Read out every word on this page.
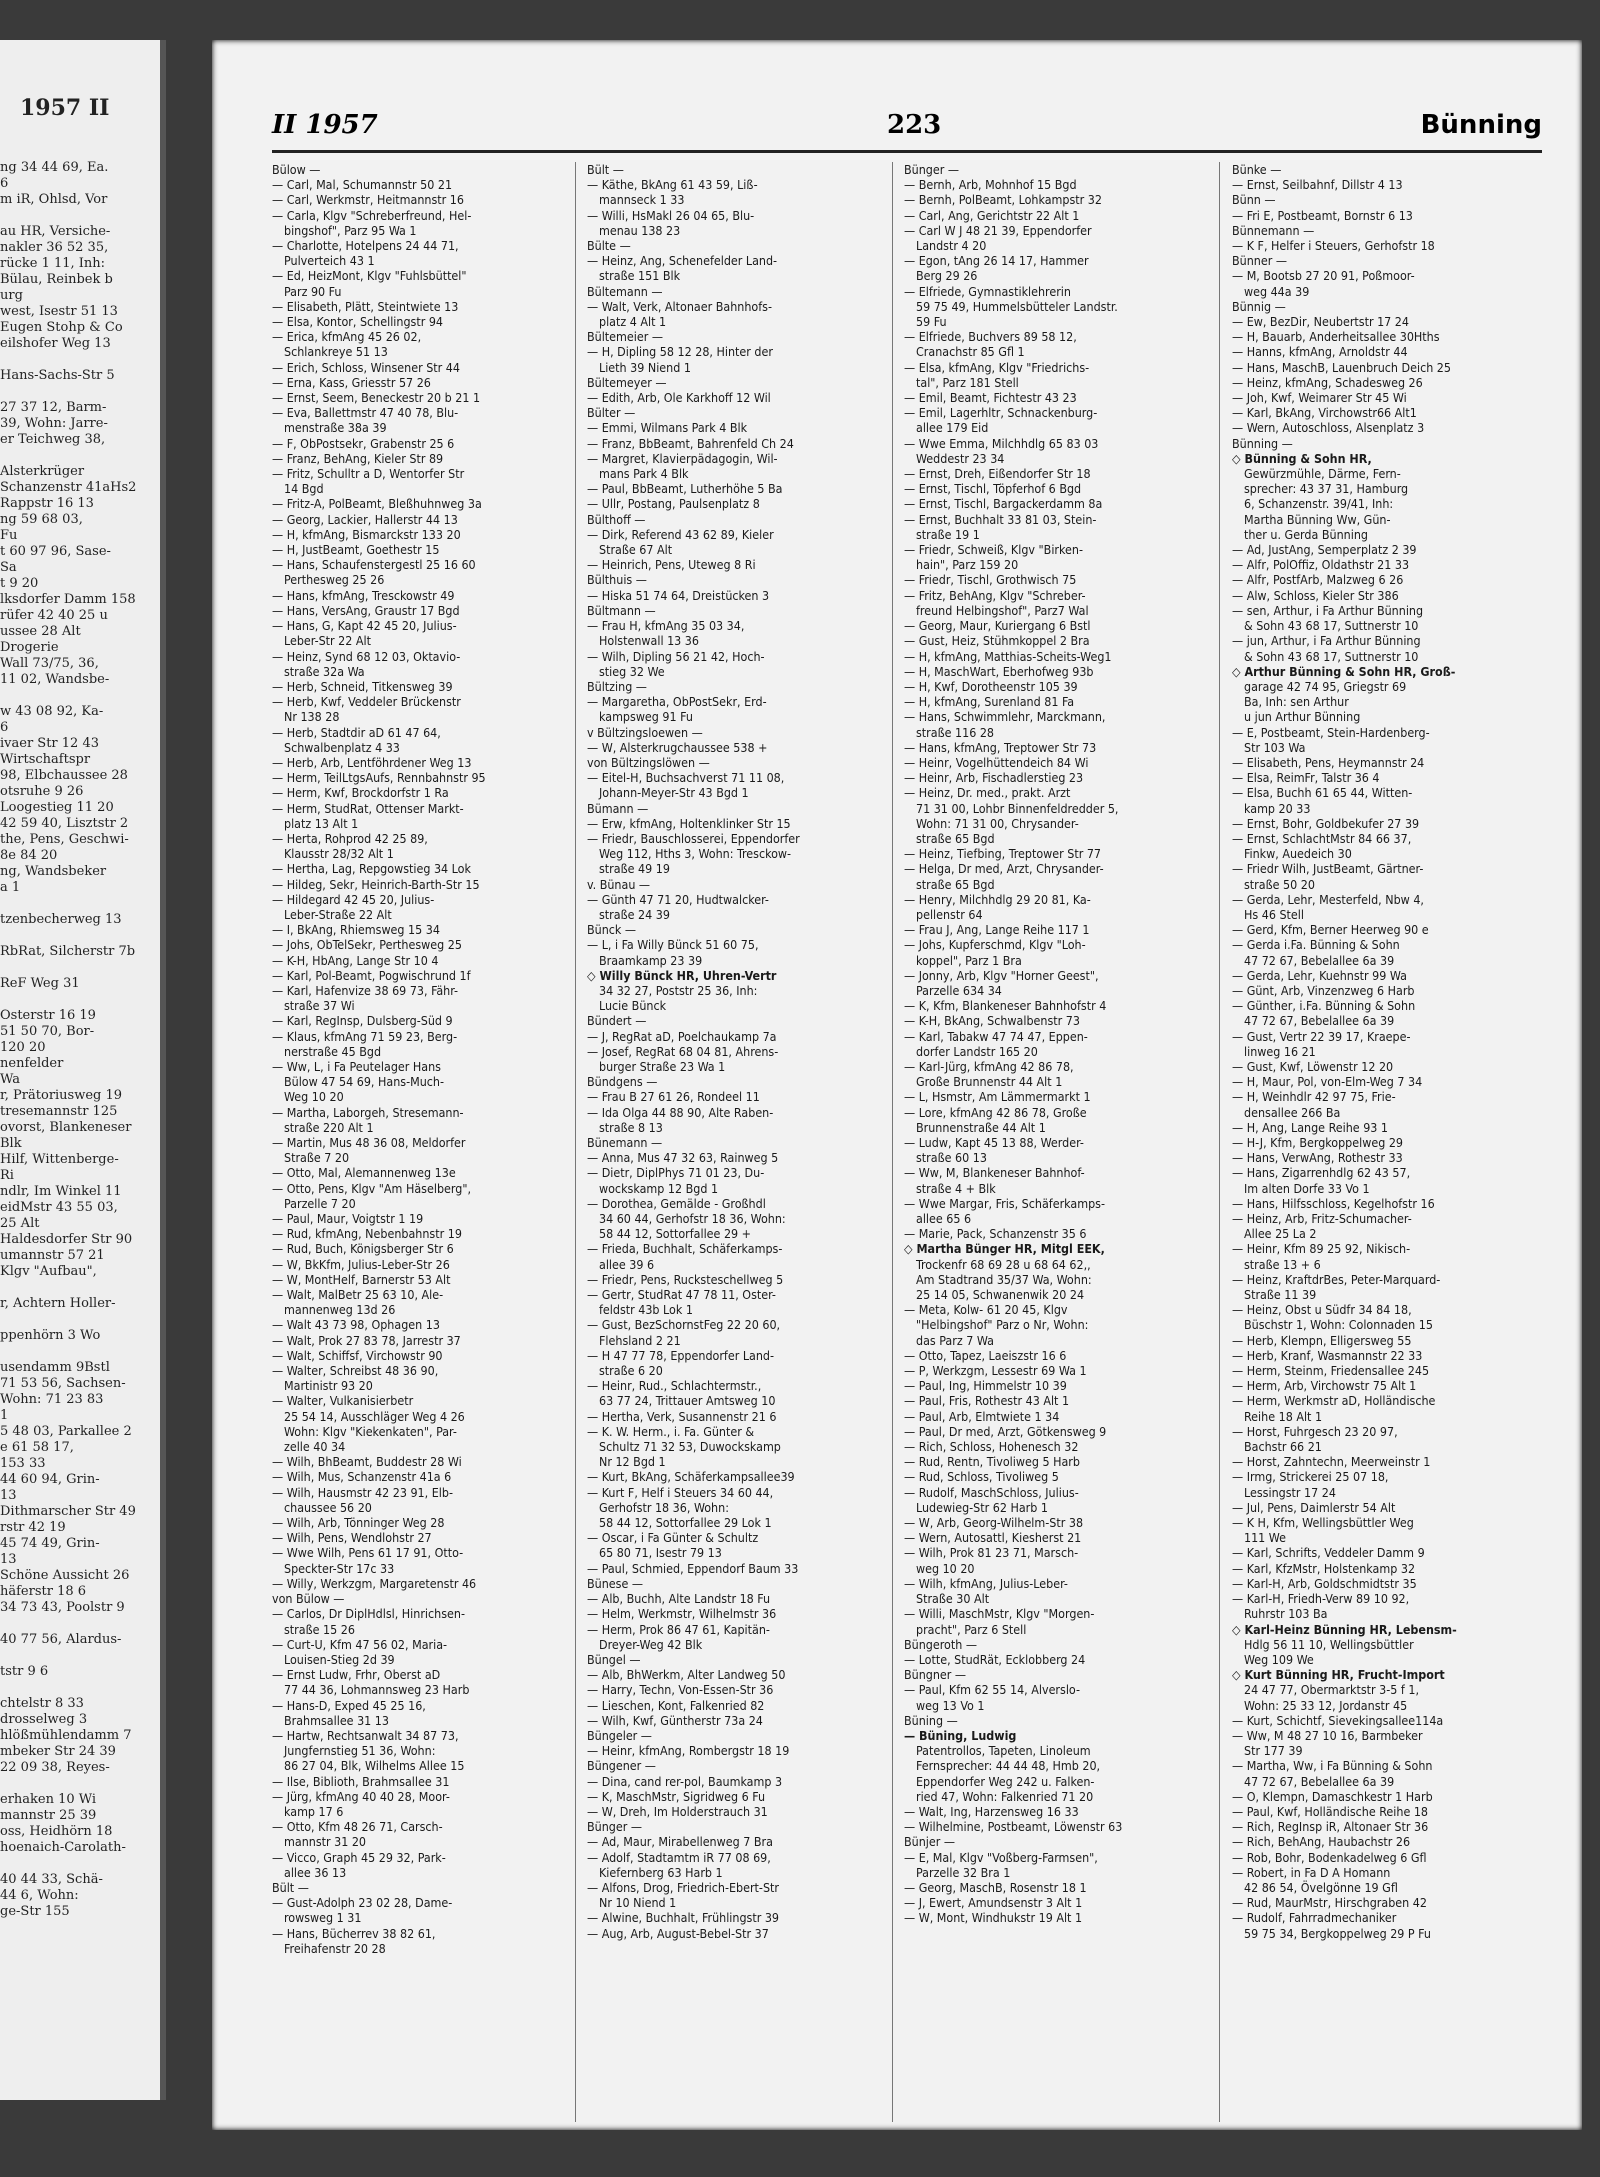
1957 II
ng 34 44 69, Ea.
6
m iR, Ohlsd, Vor

au HR, Versiche-
nakler 36 52 35,
rücke 1 11, Inh:
Bülau, Reinbek b
urg
west, Isestr 51 13
Eugen Stohp & Co
eilshofer Weg 13

Hans-Sachs-Str 5

27 37 12, Barm-
39, Wohn: Jarre-
er Teichweg 38,

Alsterkrüger
Schanzenstr 41aHs2
Rappstr 16 13
ng 59 68 03,
Fu
t 60 97 96, Sase-
Sa
t 9 20
lksdorfer Damm 158
rüfer 42 40 25 u
ussee 28 Alt
Drogerie
Wall 73/75, 36,
11 02, Wandsbe-

w 43 08 92, Ka-
6
ivaer Str 12 43
Wirtschaftspr
98, Elbchaussee 28
otsruhe 9 26
Loogestieg 11 20
42 59 40, Lisztstr 2
the, Pens, Geschwi-
8e 84 20
ng, Wandsbeker
a 1

tzenbecherweg 13

RbRat, Silcherstr 7b

ReF Weg 31

Osterstr 16 19
51 50 70, Bor-
120 20
nenfelder
Wa
r, Prätoriusweg 19
tresemannstr 125
ovorst, Blankeneser
Blk
Hilf, Wittenberge-
Ri
ndlr, Im Winkel 11
eidMstr 43 55 03,
25 Alt
Haldesdorfer Str 90
umannstr 57 21
Klgv "Aufbau",

r, Achtern Holler-

ppenhörn 3 Wo

usendamm 9Bstl
71 53 56, Sachsen-
Wohn: 71 23 83
1
5 48 03, Parkallee 2
e 61 58 17,
153 33
44 60 94, Grin-
13
Dithmarscher Str 49
rstr 42 19
45 74 49, Grin-
13
Schöne Aussicht 26
häferstr 18 6
34 73 43, Poolstr 9

40 77 56, Alardus-

tstr 9 6

chtelstr 8 33
drosselweg 3
hlößmühlendamm 7
mbeker Str 24 39
22 09 38, Reyes-

erhaken 10 Wi
mannstr 25 39
oss, Heidhörn 18
hoenaich-Carolath-

40 44 33, Schä-
44 6, Wohn:
ge-Str 155
II 1957	223	Bünning
Bülow —
— Carl, Mal, Schumannstr 50 21
— Carl, Werkmstr, Heitmannstr 16
— Carla, Klgv "Schreberfreund, Hel-
bingshof", Parz 95 Wa 1
— Charlotte, Hotelpens 24 44 71,
Pulverteich 43 1
— Ed, HeizMont, Klgv "Fuhlsbüttel"
Parz 90 Fu
— Elisabeth, Plätt, Steintwiete 13
— Elsa, Kontor, Schellingstr 94
— Erica, kfmAng 45 26 02,
Schlankreye 51 13
— Erich, Schloss, Winsener Str 44
— Erna, Kass, Griesstr 57 26
— Ernst, Seem, Beneckestr 20 b 21 1
— Eva, Ballettmstr 47 40 78, Blu-
menstraße 38a 39
— F, ObPostsekr, Grabenstr 25 6
— Franz, BehAng, Kieler Str 89
— Fritz, Schulltr a D, Wentorfer Str
14 Bgd
— Fritz-A, PolBeamt, Bleßhuhnweg 3a
— Georg, Lackier, Hallerstr 44 13
— H, kfmAng, Bismarckstr 133 20
— H, JustBeamt, Goethestr 15
— Hans, Schaufenstergestl 25 16 60
Perthesweg 25 26
— Hans, kfmAng, Tresckowstr 49
— Hans, VersAng, Graustr 17 Bgd
— Hans, G, Kapt 42 45 20, Julius-
Leber-Str 22 Alt
— Heinz, Synd 68 12 03, Oktavio-
straße 32a Wa
— Herb, Schneid, Titkensweg 39
— Herb, Kwf, Veddeler Brückenstr
Nr 138 28
— Herb, Stadtdir aD 61 47 64,
Schwalbenplatz 4 33
— Herb, Arb, Lentföhrdener Weg 13
— Herm, TeilLtgsAufs, Rennbahnstr 95
— Herm, Kwf, Brockdorfstr 1 Ra
— Herm, StudRat, Ottenser Markt-
platz 13 Alt 1
— Herta, Rohprod 42 25 89,
Klausstr 28/32 Alt 1
— Hertha, Lag, Repgowstieg 34 Lok
— Hildeg, Sekr, Heinrich-Barth-Str 15
— Hildegard 42 45 20, Julius-
Leber-Straße 22 Alt
— I, BkAng, Rhiemsweg 15 34
— Johs, ObTelSekr, Perthesweg 25
— K-H, HbAng, Lange Str 10 4
— Karl, Pol-Beamt, Pogwischrund 1f
— Karl, Hafenvize 38 69 73, Fähr-
straße 37 Wi
— Karl, RegInsp, Dulsberg-Süd 9
— Klaus, kfmAng 71 59 23, Berg-
nerstraße 45 Bgd
— Ww, L, i Fa Peutelager Hans
Bülow 47 54 69, Hans-Much-
Weg 10 20
— Martha, Laborgeh, Stresemann-
straße 220 Alt 1
— Martin, Mus 48 36 08, Meldorfer
Straße 7 20
— Otto, Mal, Alemannenweg 13e
— Otto, Pens, Klgv "Am Häselberg",
Parzelle 7 20
— Paul, Maur, Voigtstr 1 19
— Rud, kfmAng, Nebenbahnstr 19
— Rud, Buch, Königsberger Str 6
— W, BkKfm, Julius-Leber-Str 26
— W, MontHelf, Barnerstr 53 Alt
— Walt, MalBetr 25 63 10, Ale-
mannenweg 13d 26
— Walt 43 73 98, Ophagen 13
— Walt, Prok 27 83 78, Jarrestr 37
— Walt, Schiffsf, Virchowstr 90
— Walter, Schreibst 48 36 90,
Martinistr 93 20
— Walter, Vulkanisierbetr
25 54 14, Ausschläger Weg 4 26
Wohn: Klgv "Kiekenkaten", Par-
zelle 40 34
— Wilh, BhBeamt, Buddestr 28 Wi
— Wilh, Mus, Schanzenstr 41a 6
— Wilh, Hausmstr 42 23 91, Elb-
chaussee 56 20
— Wilh, Arb, Tönninger Weg 28
— Wilh, Pens, Wendlohstr 27
— Wwe Wilh, Pens 61 17 91, Otto-
Speckter-Str 17c 33
— Willy, Werkzgm, Margaretenstr 46
von Bülow —
— Carlos, Dr DiplHdlsl, Hinrichsen-
straße 15 26
— Curt-U, Kfm 47 56 02, Maria-
Louisen-Stieg 2d 39
— Ernst Ludw, Frhr, Oberst aD
77 44 36, Lohmannsweg 23 Harb
— Hans-D, Exped 45 25 16,
Brahmsallee 31 13
— Hartw, Rechtsanwalt 34 87 73,
Jungfernstieg 51 36, Wohn:
86 27 04, Blk, Wilhelms Allee 15
— Ilse, Biblioth, Brahmsallee 31
— Jürg, kfmAng 40 40 28, Moor-
kamp 17 6
— Otto, Kfm 48 26 71, Carsch-
mannstr 31 20
— Vicco, Graph 45 29 32, Park-
allee 36 13
Bült —
— Gust-Adolph 23 02 28, Dame-
rowsweg 1 31
— Hans, Bücherrev 38 82 61,
Freihafenstr 20 28
Bült —
— Käthe, BkAng 61 43 59, Liß-
mannseck 1 33
— Willi, HsMakl 26 04 65, Blu-
menau 138 23
Bülte —
— Heinz, Ang, Schenefelder Land-
straße 151 Blk
Bültemann —
— Walt, Verk, Altonaer Bahnhofs-
platz 4 Alt 1
Bültemeier —
— H, Dipling 58 12 28, Hinter der
Lieth 39 Niend 1
Bültemeyer —
— Edith, Arb, Ole Karkhoff 12 Wil
Bülter —
— Emmi, Wilmans Park 4 Blk
— Franz, BbBeamt, Bahrenfeld Ch 24
— Margret, Klavierpädagogin, Wil-
mans Park 4 Blk
— Paul, BbBeamt, Lutherhöhe 5 Ba
— Ullr, Postang, Paulsenplatz 8
Bülthoff —
— Dirk, Referend 43 62 89, Kieler
Straße 67 Alt
— Heinrich, Pens, Uteweg 8 Ri
Bülthuis —
— Hiska 51 74 64, Dreistücken 3
Bültmann —
— Frau H, kfmAng 35 03 34,
Holstenwall 13 36
— Wilh, Dipling 56 21 42, Hoch-
stieg 32 We
Bültzing —
— Margaretha, ObPostSekr, Erd-
kampsweg 91 Fu
v Bültzingsloewen —
— W, Alsterkrugchaussee 538 +
von Bültzingslöwen —
— Eitel-H, Buchsachverst 71 11 08,
Johann-Meyer-Str 43 Bgd 1
Bümann —
— Erw, kfmAng, Holtenklinker Str 15
— Friedr, Bauschlosserei, Eppendorfer
Weg 112, Hths 3, Wohn: Tresckow-
straße 49 19
v. Bünau —
— Günth 47 71 20, Hudtwalcker-
straße 24 39
Bünck —
— L, i Fa Willy Bünck 51 60 75,
Braamkamp 23 39
◇ Willy Bünck HR, Uhren-Vertr
34 32 27, Poststr 25 36, Inh:
Lucie Bünck
Bündert —
— J, RegRat aD, Poelchaukamp 7a
— Josef, RegRat 68 04 81, Ahrens-
burger Straße 23 Wa 1
Bündgens —
— Frau B 27 61 26, Rondeel 11
— Ida Olga 44 88 90, Alte Raben-
straße 8 13
Bünemann —
— Anna, Mus 47 32 63, Rainweg 5
— Dietr, DiplPhys 71 01 23, Du-
wockskamp 12 Bgd 1
— Dorothea, Gemälde - Großhdl
34 60 44, Gerhofstr 18 36, Wohn:
58 44 12, Sottorfallee 29 +
— Frieda, Buchhalt, Schäferkamps-
allee 39 6
— Friedr, Pens, Rucksteschellweg 5
— Gertr, StudRat 47 78 11, Oster-
feldstr 43b Lok 1
— Gust, BezSchornstFeg 22 20 60,
Flehsland 2 21
— H 47 77 78, Eppendorfer Land-
straße 6 20
— Heinr, Rud., Schlachtermstr.,
63 77 24, Trittauer Amtsweg 10
— Hertha, Verk, Susannenstr 21 6
— K. W. Herm., i. Fa. Günter &
Schultz 71 32 53, Duwockskamp
Nr 12 Bgd 1
— Kurt, BkAng, Schäferkampsallee39
— Kurt F, Helf i Steuers 34 60 44,
Gerhofstr 18 36, Wohn:
58 44 12, Sottorfallee 29 Lok 1
— Oscar, i Fa Günter & Schultz
65 80 71, Isestr 79 13
— Paul, Schmied, Eppendorf Baum 33
Bünese —
— Alb, Buchh, Alte Landstr 18 Fu
— Helm, Werkmstr, Wilhelmstr 36
— Herm, Prok 86 47 61, Kapitän-
Dreyer-Weg 42 Blk
Büngel —
— Alb, BhWerkm, Alter Landweg 50
— Harry, Techn, Von-Essen-Str 36
— Lieschen, Kont, Falkenried 82
— Wilh, Kwf, Güntherstr 73a 24
Büngeler —
— Heinr, kfmAng, Rombergstr 18 19
Büngener —
— Dina, cand rer-pol, Baumkamp 3
— K, MaschMstr, Sigridweg 6 Fu
— W, Dreh, Im Holderstrauch 31
Bünger —
— Ad, Maur, Mirabellenweg 7 Bra
— Adolf, Stadtamtm iR 77 08 69,
Kiefernberg 63 Harb 1
— Alfons, Drog, Friedrich-Ebert-Str
Nr 10 Niend 1
— Alwine, Buchhalt, Frühlingstr 39
— Aug, Arb, August-Bebel-Str 37
Bünger —
— Bernh, Arb, Mohnhof 15 Bgd
— Bernh, PolBeamt, Lohkampstr 32
— Carl, Ang, Gerichtstr 22 Alt 1
— Carl W J 48 21 39, Eppendorfer
Landstr 4 20
— Egon, tAng 26 14 17, Hammer
Berg 29 26
— Elfriede, Gymnastiklehrerin
59 75 49, Hummelsbütteler Landstr.
59 Fu
— Elfriede, Buchvers 89 58 12,
Cranachstr 85 Gfl 1
— Elsa, kfmAng, Klgv "Friedrichs-
tal", Parz 181 Stell
— Emil, Beamt, Fichtestr 43 23
— Emil, Lagerhltr, Schnackenburg-
allee 179 Eid
— Wwe Emma, Milchhdlg 65 83 03
Weddestr 23 34
— Ernst, Dreh, Eißendorfer Str 18
— Ernst, Tischl, Töpferhof 6 Bgd
— Ernst, Tischl, Bargackerdamm 8a
— Ernst, Buchhalt 33 81 03, Stein-
straße 19 1
— Friedr, Schweiß, Klgv "Birken-
hain", Parz 159 20
— Friedr, Tischl, Grothwisch 75
— Fritz, BehAng, Klgv "Schreber-
freund Helbingshof", Parz7 Wal
— Georg, Maur, Kuriergang 6 Bstl
— Gust, Heiz, Stühmkoppel 2 Bra
— H, kfmAng, Matthias-Scheits-Weg1
— H, MaschWart, Eberhofweg 93b
— H, Kwf, Dorotheenstr 105 39
— H, kfmAng, Surenland 81 Fa
— Hans, Schwimmlehr, Marckmann,
straße 116 28
— Hans, kfmAng, Treptower Str 73
— Heinr, Vogelhüttendeich 84 Wi
— Heinr, Arb, Fischadlerstieg 23
— Heinz, Dr. med., prakt. Arzt
71 31 00, Lohbr Binnenfeldredder 5,
Wohn: 71 31 00, Chrysander-
straße 65 Bgd
— Heinz, Tiefbing, Treptower Str 77
— Helga, Dr med, Arzt, Chrysander-
straße 65 Bgd
— Henry, Milchhdlg 29 20 81, Ka-
pellenstr 64
— Frau J, Ang, Lange Reihe 117 1
— Johs, Kupferschmd, Klgv "Loh-
koppel", Parz 1 Bra
— Jonny, Arb, Klgv "Horner Geest",
Parzelle 634 34
— K, Kfm, Blankeneser Bahnhofstr 4
— K-H, BkAng, Schwalbenstr 73
— Karl, Tabakw 47 74 47, Eppen-
dorfer Landstr 165 20
— Karl-Jürg, kfmAng 42 86 78,
Große Brunnenstr 44 Alt 1
— L, Hsmstr, Am Lämmermarkt 1
— Lore, kfmAng 42 86 78, Große
Brunnenstraße 44 Alt 1
— Ludw, Kapt 45 13 88, Werder-
straße 60 13
— Ww, M, Blankeneser Bahnhof-
straße 4 + Blk
— Wwe Margar, Fris, Schäferkamps-
allee 65 6
— Marie, Pack, Schanzenstr 35 6
◇ Martha Bünger HR, Mitgl EEK,
Trockenfr 68 69 28 u 68 64 62,,
Am Stadtrand 35/37 Wa, Wohn:
25 14 05, Schwanenwik 20 24
— Meta, Kolw- 61 20 45, Klgv
"Helbingshof" Parz o Nr, Wohn:
das Parz 7 Wa
— Otto, Tapez, Laeiszstr 16 6
— P, Werkzgm, Lessestr 69 Wa 1
— Paul, Ing, Himmelstr 10 39
— Paul, Fris, Rothestr 43 Alt 1
— Paul, Arb, Elmtwiete 1 34
— Paul, Dr med, Arzt, Götkensweg 9
— Rich, Schloss, Hohenesch 32
— Rud, Rentn, Tivoliweg 5 Harb
— Rud, Schloss, Tivoliweg 5
— Rudolf, MaschSchloss, Julius-
Ludewieg-Str 62 Harb 1
— W, Arb, Georg-Wilhelm-Str 38
— Wern, Autosattl, Kiesherst 21
— Wilh, Prok 81 23 71, Marsch-
weg 10 20
— Wilh, kfmAng, Julius-Leber-
Straße 30 Alt
— Willi, MaschMstr, Klgv "Morgen-
pracht", Parz 6 Stell
Büngeroth —
— Lotte, StudRät, Ecklobberg 24
Büngner —
— Paul, Kfm 62 55 14, Alverslo-
weg 13 Vo 1
Büning —
— Büning, Ludwig
Patentrollos, Tapeten, Linoleum
Fernsprecher: 44 44 48, Hmb 20,
Eppendorfer Weg 242 u. Falken-
ried 47, Wohn: Falkenried 71 20
— Walt, Ing, Harzensweg 16 33
— Wilhelmine, Postbeamt, Löwenstr 63
Bünjer —
— E, Mal, Klgv "Voßberg-Farmsen",
Parzelle 32 Bra 1
— Georg, MaschB, Rosenstr 18 1
— J, Ewert, Amundsenstr 3 Alt 1
— W, Mont, Windhukstr 19 Alt 1
Bünke —
— Ernst, Seilbahnf, Dillstr 4 13
Bünn —
— Fri E, Postbeamt, Bornstr 6 13
Bünnemann —
— K F, Helfer i Steuers, Gerhofstr 18
Bünner —
— M, Bootsb 27 20 91, Poßmoor-
weg 44a 39
Bünnig —
— Ew, BezDir, Neubertstr 17 24
— H, Bauarb, Anderheitsallee 30Hths
— Hanns, kfmAng, Arnoldstr 44
— Hans, MaschB, Lauenbruch Deich 25
— Heinz, kfmAng, Schadesweg 26
— Joh, Kwf, Weimarer Str 45 Wi
— Karl, BkAng, Virchowstr66 Alt1
— Wern, Autoschloss, Alsenplatz 3
Bünning —
◇ Bünning & Sohn HR,
Gewürzmühle, Därme, Fern-
sprecher: 43 37 31, Hamburg
6, Schanzenstr. 39/41, Inh:
Martha Bünning Ww, Gün-
ther u. Gerda Bünning
— Ad, JustAng, Semperplatz 2 39
— Alfr, PolOffiz, Oldathstr 21 33
— Alfr, PostfArb, Malzweg 6 26
— Alw, Schloss, Kieler Str 386
— sen, Arthur, i Fa Arthur Bünning
& Sohn 43 68 17, Suttnerstr 10
— jun, Arthur, i Fa Arthur Bünning
& Sohn 43 68 17, Suttnerstr 10
◇ Arthur Bünning & Sohn HR, Groß-
garage 42 74 95, Griegstr 69
Ba, Inh: sen Arthur
u jun Arthur Bünning
— E, Postbeamt, Stein-Hardenberg-
Str 103 Wa
— Elisabeth, Pens, Heymannstr 24
— Elsa, ReimFr, Talstr 36 4
— Elsa, Buchh 61 65 44, Witten-
kamp 20 33
— Ernst, Bohr, Goldbekufer 27 39
— Ernst, SchlachtMstr 84 66 37,
Finkw, Auedeich 30
— Friedr Wilh, JustBeamt, Gärtner-
straße 50 20
— Gerda, Lehr, Mesterfeld, Nbw 4,
Hs 46 Stell
— Gerd, Kfm, Berner Heerweg 90 e
— Gerda i.Fa. Bünning & Sohn
47 72 67, Bebelallee 6a 39
— Gerda, Lehr, Kuehnstr 99 Wa
— Günt, Arb, Vinzenzweg 6 Harb
— Günther, i.Fa. Bünning & Sohn
47 72 67, Bebelallee 6a 39
— Gust, Vertr 22 39 17, Kraepe-
linweg 16 21
— Gust, Kwf, Löwenstr 12 20
— H, Maur, Pol, von-Elm-Weg 7 34
— H, Weinhdlr 42 97 75, Frie-
densallee 266 Ba
— H, Ang, Lange Reihe 93 1
— H-J, Kfm, Bergkoppelweg 29
— Hans, VerwAng, Rothestr 33
— Hans, Zigarrenhdlg 62 43 57,
Im alten Dorfe 33 Vo 1
— Hans, Hilfsschloss, Kegelhofstr 16
— Heinz, Arb, Fritz-Schumacher-
Allee 25 La 2
— Heinr, Kfm 89 25 92, Nikisch-
straße 13 + 6
— Heinz, KraftdrBes, Peter-Marquard-
Straße 11 39
— Heinz, Obst u Südfr 34 84 18,
Büschstr 1, Wohn: Colonnaden 15
— Herb, Klempn, Elligersweg 55
— Herb, Kranf, Wasmannstr 22 33
— Herm, Steinm, Friedensallee 245
— Herm, Arb, Virchowstr 75 Alt 1
— Herm, Werkmstr aD, Holländische
Reihe 18 Alt 1
— Horst, Fuhrgesch 23 20 97,
Bachstr 66 21
— Horst, Zahntechn, Meerweinstr 1
— Irmg, Strickerei 25 07 18,
Lessingstr 17 24
— Jul, Pens, Daimlerstr 54 Alt
— K H, Kfm, Wellingsbüttler Weg
111 We
— Karl, Schrifts, Veddeler Damm 9
— Karl, KfzMstr, Holstenkamp 32
— Karl-H, Arb, Goldschmidtstr 35
— Karl-H, Friedh-Verw 89 10 92,
Ruhrstr 103 Ba
◇ Karl-Heinz Bünning HR, Lebensm-
Hdlg 56 11 10, Wellingsbüttler
Weg 109 We
◇ Kurt Bünning HR, Frucht-Import
24 47 77, Obermarktstr 3-5 f 1,
Wohn: 25 33 12, Jordanstr 45
— Kurt, Schichtf, Sievekingsallee114a
— Ww, M 48 27 10 16, Barmbeker
Str 177 39
— Martha, Ww, i Fa Bünning & Sohn
47 72 67, Bebelallee 6a 39
— O, Klempn, Damaschkestr 1 Harb
— Paul, Kwf, Holländische Reihe 18
— Rich, RegInsp iR, Altonaer Str 36
— Rich, BehAng, Haubachstr 26
— Rob, Bohr, Bodenkadelweg 6 Gfl
— Robert, in Fa D A Homann
42 86 54, Övelgönne 19 Gfl
— Rud, MaurMstr, Hirschgraben 42
— Rudolf, Fahrradmechaniker
59 75 34, Bergkoppelweg 29 P Fu
